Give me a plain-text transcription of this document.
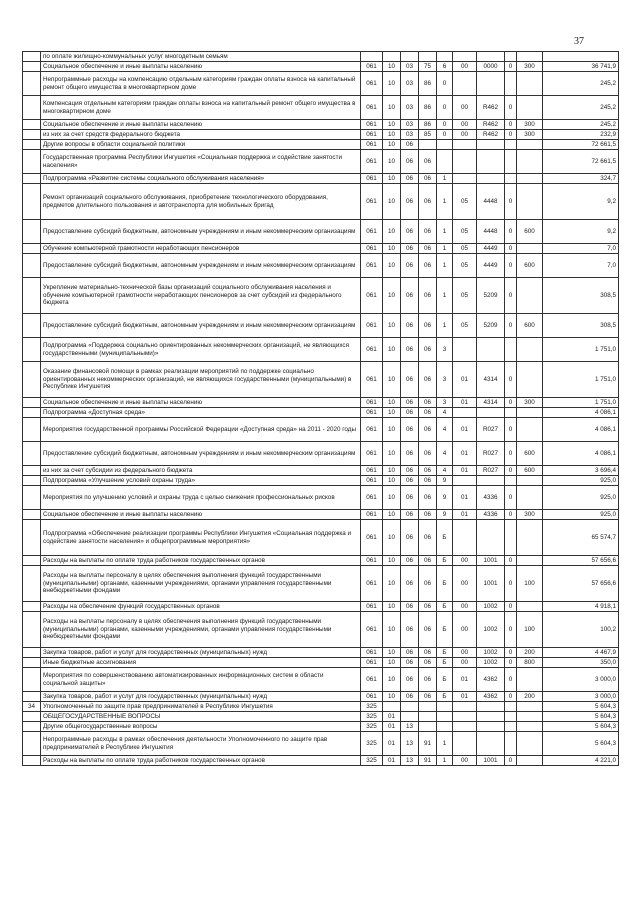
37
	по оплате жилищно-коммунальных услуг многодетным семьям										
	Социальное обеспечение и иные выплаты населению	061	10	03	75	6	00	0000	0	300	36 741,9
	Непрограммные расходы на компенсацию отдельным категориям граждан оплаты взноса на капитальный ремонт общего имущества в многоквартирном доме	061	10	03	86	0					245,2
	Компенсация отдельным категориям граждан оплаты взноса на капитальный ремонт общего имущества в многоквартирном доме	061	10	03	86	0	00	R462	0		245,2
	Социальное обеспечение и иные выплаты населению	061	10	03	86	0	00	R462	0	300	245,2
	из них за счет средств федерального бюджета	061	10	03	85	0	00	R462	0	300	232,9
	Другие вопросы в области социальной политики	061	10	06							72 661,5
	Государственная программа Республики Ингушетия «Социальная поддержка и содействие занятости населения»	061	10	06	06						72 661,5
	Подпрограмма «Развитие системы социального обслуживания населения»	061	10	06	06	1					324,7
	Ремонт организаций социального обслуживания, приобретение технологического оборудования, предметов длительного пользования и автотранспорта для мобильных бригад	061	10	06	06	1	05	4448	0		9,2
	Предоставление субсидий бюджетным, автономным учреждениям и иным некоммерческим организациям	061	10	06	06	1	05	4448	0	600	9,2
	Обучение компьютерной грамотности неработающих пенсионеров	061	10	06	06	1	05	4449	0		7,0
	Предоставление субсидий бюджетным, автономным учреждениям и иным некоммерческим организациям	061	10	06	06	1	05	4449	0	600	7,0
	Укрепление материально-технической базы организаций социального обслуживания населения и обучение компьютерной грамотности неработающих пенсионеров за счет субсидий из федерального бюджета	061	10	06	06	1	05	5209	0		308,5
	Предоставление субсидий бюджетным, автономным учреждениям и иным некоммерческим организациям	061	10	06	06	1	05	5209	0	600	308,5
	Подпрограмма «Поддержка социально ориентированных некоммерческих организаций, не являющихся государственными (муниципальными)»	061	10	06	06	3					1 751,0
	Оказание финансовой помощи в рамках реализации мероприятий по поддержке социально ориентированных некоммерческих организаций, не являющихся государственными (муниципальными) в Республике Ингушетия	061	10	06	06	3	01	4314	0		1 751,0
	Социальное обеспечение и иные выплаты населению	061	10	06	06	3	01	4314	0	300	1 751,0
	Подпрограмма «Доступная среда»	061	10	06	06	4					4 086,1
	Мероприятия государственной программы Российской Федерации «Доступная среда» на 2011 - 2020 годы	061	10	06	06	4	01	R027	0		4 086,1
	Предоставление субсидий бюджетным, автономным учреждениям и иным некоммерческим организациям	061	10	06	06	4	01	R027	0	600	4 086,1
	из них за счет субсидии из федерального бюджета	061	10	06	06	4	01	R027	0	600	3 696,4
	Подпрограмма «Улучшение условий охраны труда»	061	10	06	06	9					925,0
	Мероприятия по улучшению условий и охраны труда с целью снижения профессиональных рисков	061	10	06	06	9	01	4336	0		925,0
	Социальное обеспечение и иные выплаты населению	061	10	06	06	9	01	4336	0	300	925,0
	Подпрограмма «Обеспечение реализации программы Республики Ингушетия «Социальная поддержка и содействие занятости населения» и общепрограммные мероприятия»	061	10	06	06	Б					65 574,7
	Расходы на выплаты по оплате труда работников государственных органов	061	10	06	06	Б	00	1001	0		57 656,6
	Расходы на выплаты персоналу в целях обеспечения выполнения функций государственными (муниципальными) органами, казенными учреждениями, органами управления государственными внебюджетными фондами	061	10	06	06	Б	00	1001	0	100	57 656,6
	Расходы на обеспечение функций государственных органов	061	10	06	06	Б	00	1002	0		4 918,1
	Расходы на выплаты персоналу в целях обеспечения выполнения функций государственными (муниципальными) органами, казенными учреждениями, органами управления государственными внебюджетными фондами	061	10	06	06	Б	00	1002	0	100	100,2
	Закупка товаров, работ и услуг для государственных (муниципальных) нужд	061	10	06	06	Б	00	1002	0	200	4 467,9
	Иные бюджетные ассигнования	061	10	06	06	Б	00	1002	0	800	350,0
	Мероприятия по совершенствованию автоматизированных информационных систем в области социальной защиты»	061	10	06	06	Б	01	4362	0		3 000,0
	Закупка товаров, работ и услуг для государственных (муниципальных) нужд	061	10	06	06	Б	01	4362	0	200	3 000,0
34	Уполномоченный по защите прав предпринимателей в Республике Ингушетия	325									5 604,3
	ОБЩЕГОСУДАРСТВЕННЫЕ ВОПРОСЫ	325	01								5 604,3
	Другие общегосударственные вопросы	325	01	13							5 604,3
	Непрограммные расходы в рамках обеспечения деятельности Уполномоченного по защите прав предпринимателей в Республике Ингушетия	325	01	13	91	1					5 604,3
	Расходы на выплаты по оплате труда работников государственных органов	325	01	13	91	1	00	1001	0		4 221,0
